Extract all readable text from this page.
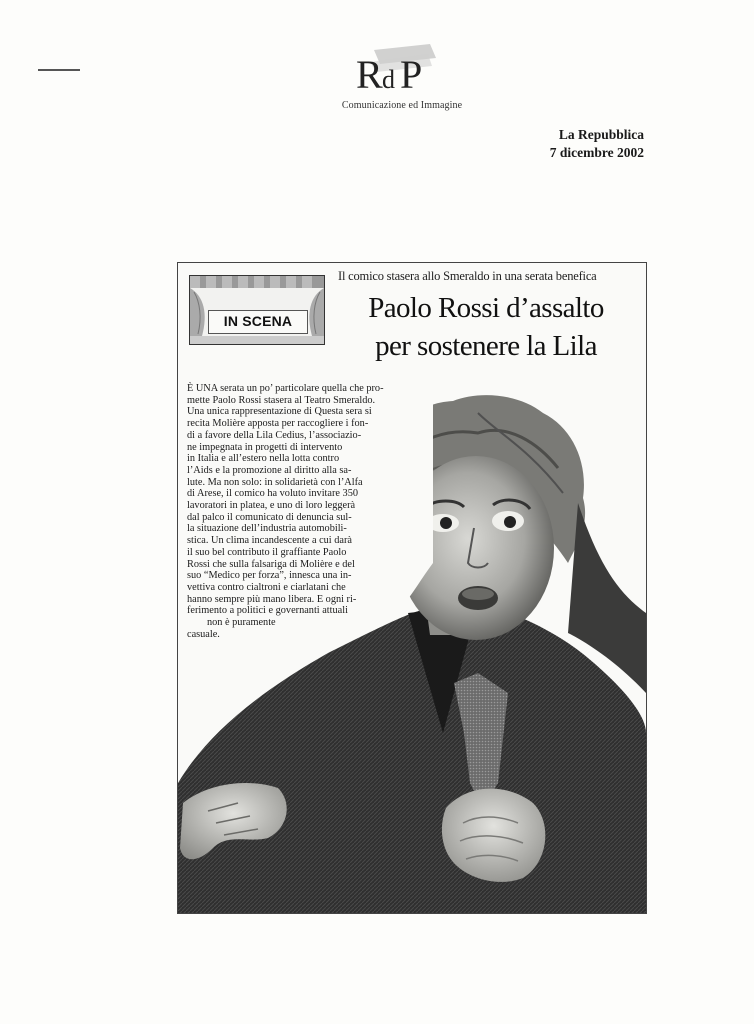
R d P
Comunicazione ed Immagine
La Repubblica
7 dicembre 2002
IN SCENA
Il comico stasera allo Smeraldo in una serata benefica
Paolo Rossi d’assalto
per sostenere la Lila
È UNA serata un po’ particolare quella che pro-
mette Paolo Rossi stasera al Teatro Smeraldo.
Una unica rappresentazione di Questa sera si
recita Molière apposta per raccogliere i fon-
di a favore della Lila Cedius, l’associazio-
ne impegnata in progetti di intervento
in Italia e all’estero nella lotta contro
l’Aids e la promozione al diritto alla sa-
lute. Ma non solo: in solidarietà con l’Alfa
di Arese, il comico ha voluto invitare 350
lavoratori in platea, e uno di loro leggerà
dal palco il comunicato di denuncia sul-
la situazione dell’industria automobili-
stica. Un clima incandescente a cui darà
il suo bel contributo il graffiante Paolo
Rossi che sulla falsariga di Molière e del
suo “Medico per forza”, innesca una in-
vettiva contro cialtroni e ciarlatani che
hanno sempre più mano libera. E ogni ri-
ferimento a politici e governanti attuali
non è puramente
casuale.
